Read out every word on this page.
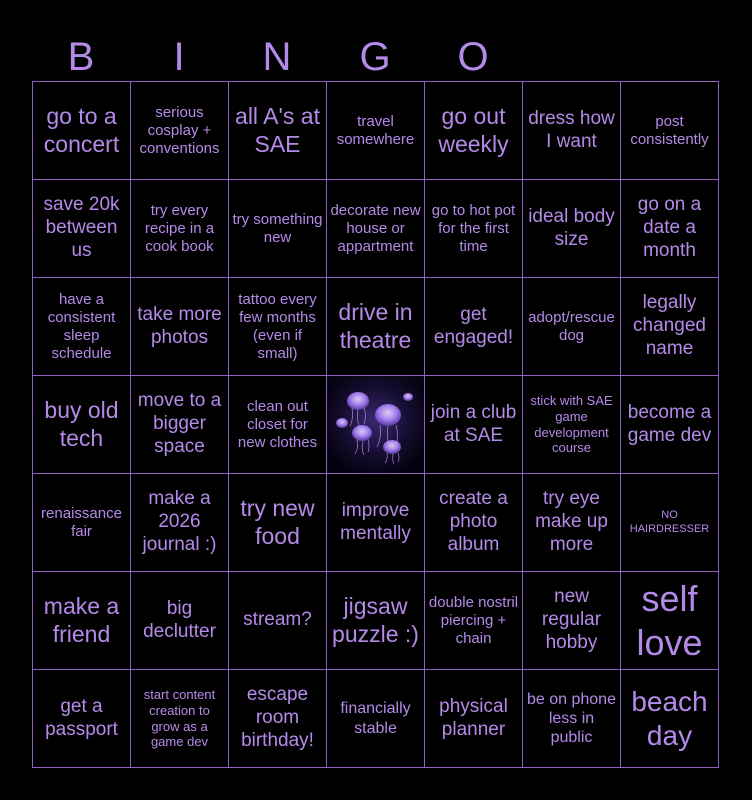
B	I	N	G	O
go to a concert
serious cosplay + conventions
all A's at SAE
travel somewhere
go out weekly
dress how I want
post consistently
save 20k between us
try every recipe in a cook book
try something new
decorate new house or appartment
go to hot pot for the first time
ideal body size
go on a date a month
have a consistent sleep schedule
take more photos
tattoo every few months (even if small)
drive in theatre
get engaged!
adopt/rescue dog
legally changed name
buy old tech
move to a bigger space
clean out closet for new clothes
join a club at SAE
stick with SAE game development course
become a game dev
renaissance fair
make a 2026 journal :)
try new food
improve mentally
create a photo album
try eye make up more
NO HAIRDRESSER
make a friend
big declutter
stream?
jigsaw puzzle :)
double nostril piercing + chain
new regular hobby
self love
get a passport
start content creation to grow as a game dev
escape room birthday!
financially stable
physical planner
be on phone less in public
beach day
